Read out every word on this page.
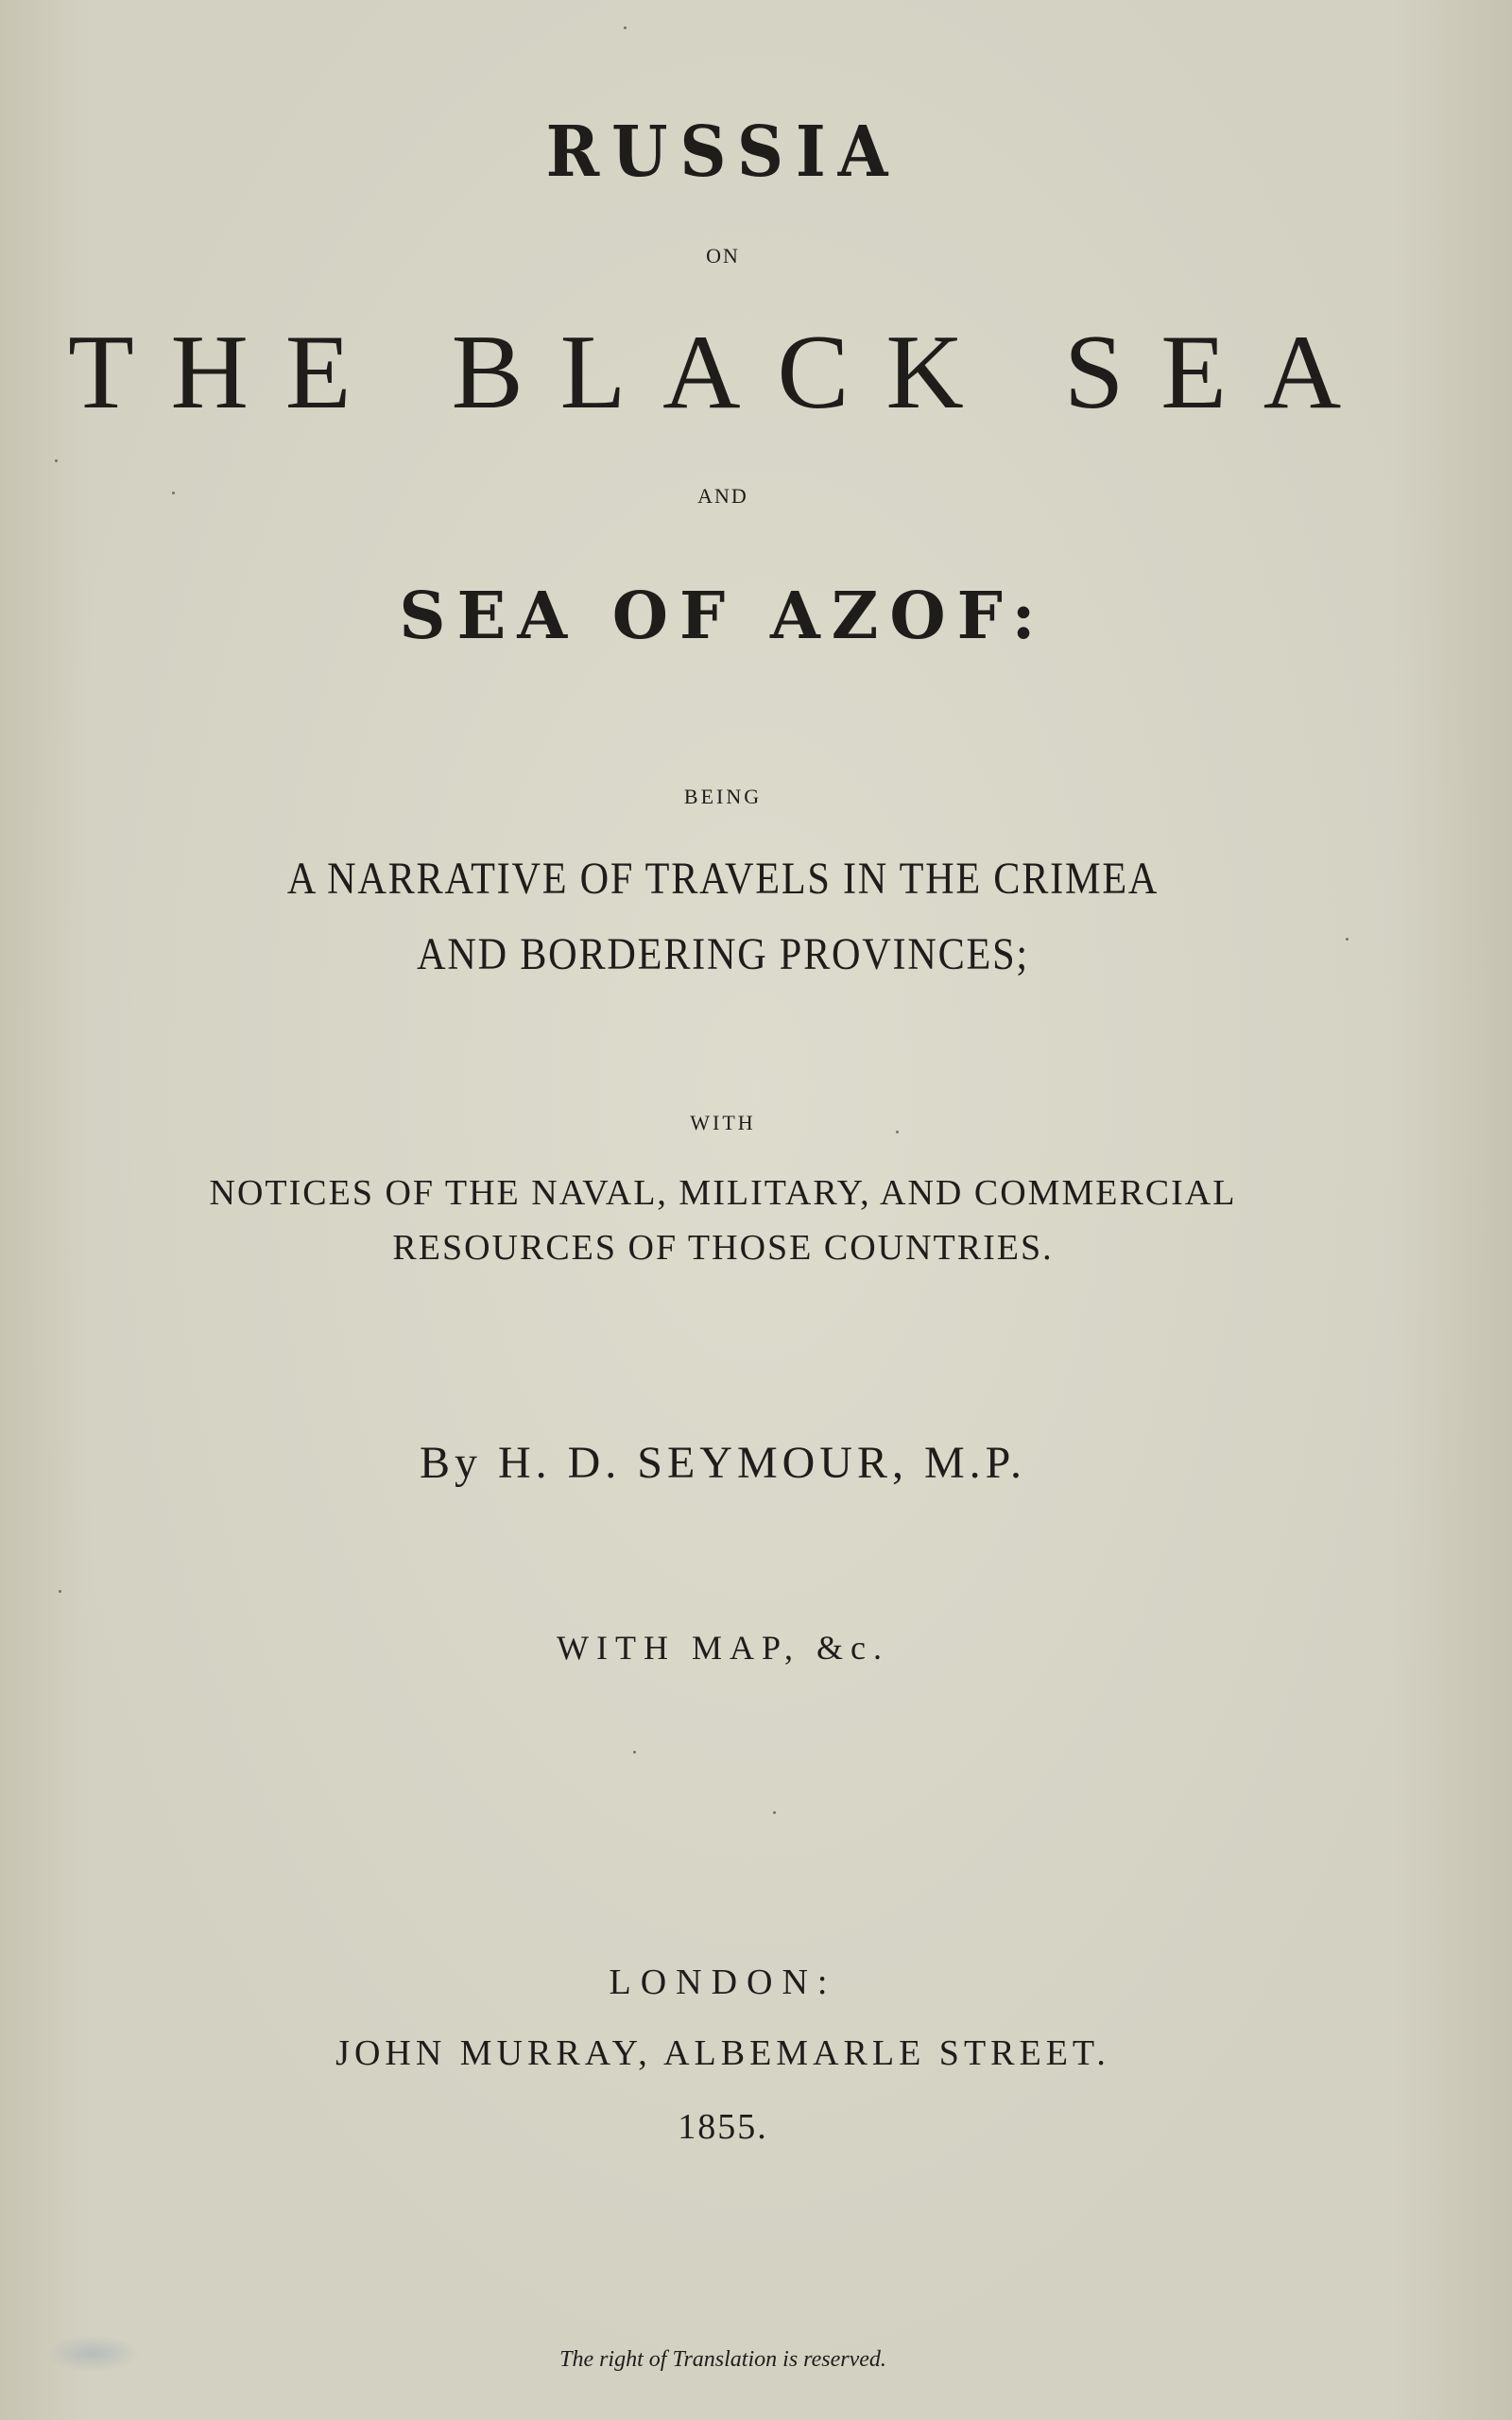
RUSSIA
ON
THE BLACK SEA
AND
SEA OF AZOF:
BEING
A NARRATIVE OF TRAVELS IN THE CRIMEA
AND BORDERING PROVINCES;
WITH
NOTICES OF THE NAVAL, MILITARY, AND COMMERCIAL
RESOURCES OF THOSE COUNTRIES.
By H. D. SEYMOUR, M.P.
WITH MAP, &c.
LONDON:
JOHN MURRAY, ALBEMARLE STREET.
1855.
The right of Translation is reserved.
